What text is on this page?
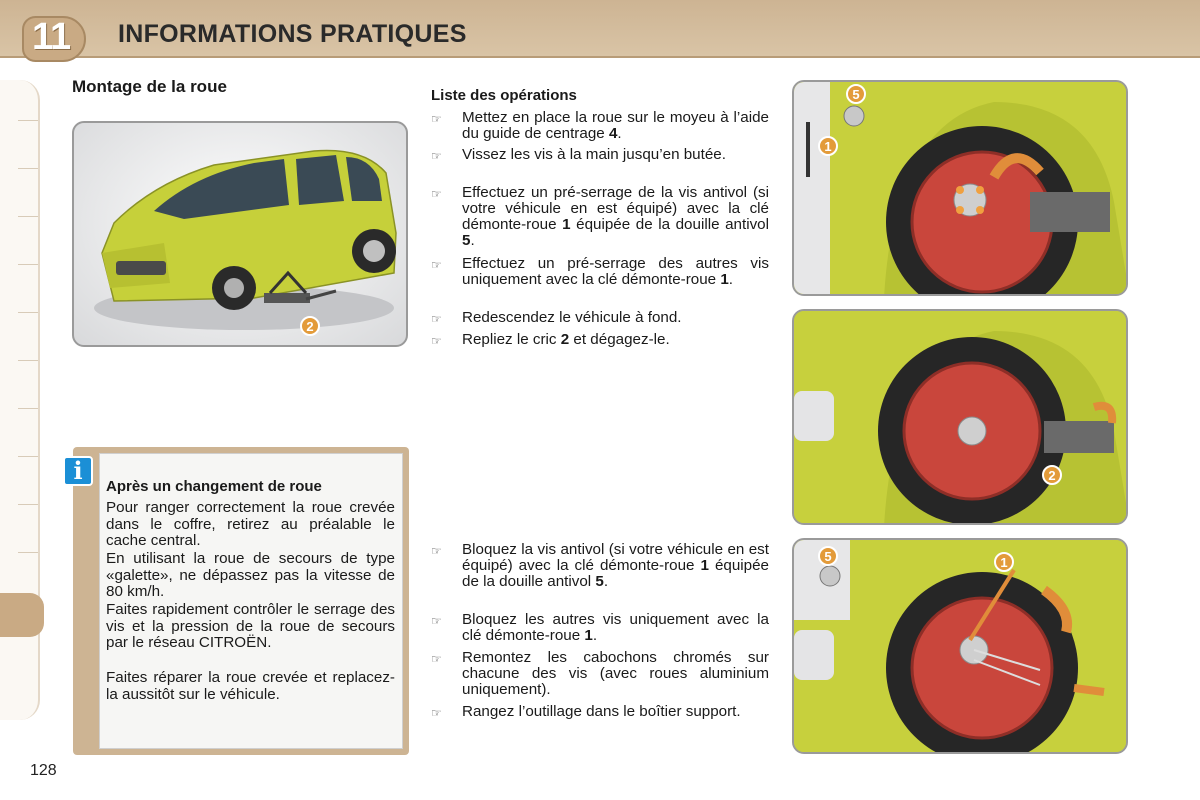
11 INFORMATIONS PRATIQUES
Montage de la roue
2
i
Après un changement de roue
Pour ranger correctement la roue crevée dans le coffre, retirez au préalable le cache central.
En utilisant la roue de secours de type «galette», ne dépassez pas la vitesse de 80 km/h.
Faites rapidement contrôler le serrage des vis et la pression de la roue de secours par le réseau CITROËN.
Faites réparer la roue crevée et replacez-la aussitôt sur le véhicule.
Liste des opérations
☞	Mettez en place la roue sur le moyeu à l’aide du guide de centrage 4.
☞	Vissez les vis à la main jusqu’en butée.
☞	Effectuez un pré-serrage de la vis antivol (si votre véhicule en est équipé) avec la clé démonte-roue 1 équipée de la douille antivol 5.
☞	Effectuez un pré-serrage des autres vis uniquement avec la clé démonte-roue 1.
☞	Redescendez le véhicule à fond.
☞	Repliez le cric 2 et dégagez-le.
☞	Bloquez la vis antivol (si votre véhicule en est équipé) avec la clé démonte-roue 1 équipée de la douille antivol 5.
☞	Bloquez les autres vis uniquement avec la clé démonte-roue 1.
☞	Remontez les cabochons chromés sur chacune des vis (avec roues aluminium uniquement).
☞	Rangez l’outillage dans le boîtier support.
5
1
2
5	1
128
